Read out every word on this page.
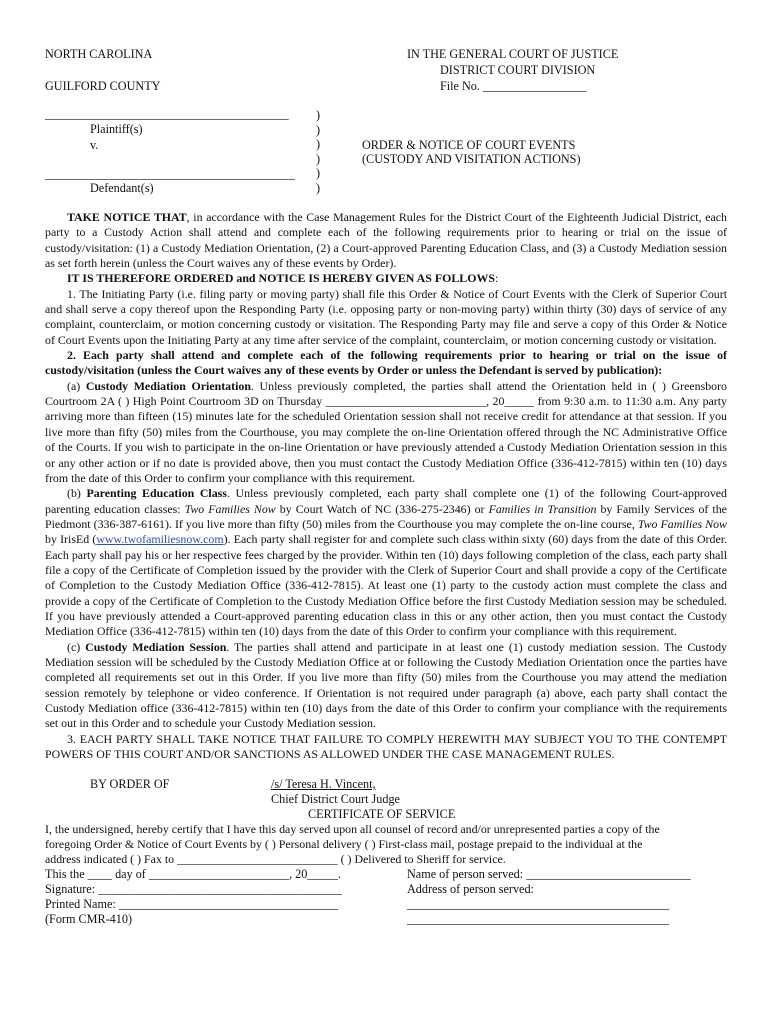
NORTH CAROLINA
GUILFORD COUNTY
IN THE GENERAL COURT OF JUSTICE
DISTRICT COURT DIVISION
File No. _________________
________________________________________
Plaintiff(s)
v.
_________________________________________
Defendant(s)
)
)
)
)
)
)
ORDER & NOTICE OF COURT EVENTS
(CUSTODY AND VISITATION ACTIONS)

TAKE NOTICE THAT, in accordance with the Case Management Rules for the District Court of the Eighteenth Judicial District, each party to a Custody Action shall attend and complete each of the following requirements prior to hearing or trial on the issue of custody/visitation: (1) a Custody Mediation Orientation, (2) a Court-approved Parenting Education Class, and (3) a Custody Mediation session as set forth herein (unless the Court waives any of these events by Order).

IT IS THEREFORE ORDERED and NOTICE IS HEREBY GIVEN AS FOLLOWS:

1. The Initiating Party (i.e. filing party or moving party) shall file this Order & Notice of Court Events with the Clerk of Superior Court and shall serve a copy thereof upon the Responding Party (i.e. opposing party or non-moving party) within thirty (30) days of service of any complaint, counterclaim, or motion concerning custody or visitation. The Responding Party may file and serve a copy of this Order & Notice of Court Events upon the Initiating Party at any time after service of the complaint, counterclaim, or motion concerning custody or visitation.

2. Each party shall attend and complete each of the following requirements prior to hearing or trial on the issue of custody/visitation (unless the Court waives any of these events by Order or unless the Defendant is served by publication):

(a) Custody Mediation Orientation. Unless previously completed, the parties shall attend the Orientation held in ( ) Greensboro Courtroom 2A ( ) High Point Courtroom 3D on Thursday ___________________________, 20_____ from 9:30 a.m. to 11:30 a.m. Any party arriving more than fifteen (15) minutes late for the scheduled Orientation session shall not receive credit for attendance at that session. If you live more than fifty (50) miles from the Courthouse, you may complete the on-line Orientation offered through the NC Administrative Office of the Courts. If you wish to participate in the on-line Orientation or have previously attended a Custody Mediation Orientation session in this or any other action or if no date is provided above, then you must contact the Custody Mediation Office (336-412-7815) within ten (10) days from the date of this Order to confirm your compliance with this requirement.

(b) Parenting Education Class. Unless previously completed, each party shall complete one (1) of the following Court-approved parenting education classes: Two Families Now by Court Watch of NC (336-275-2346) or Families in Transition by Family Services of the Piedmont (336-387-6161). If you live more than fifty (50) miles from the Courthouse you may complete the on-line course, Two Families Now by IrisEd (www.twofamiliesnow.com). Each party shall register for and complete such class within sixty (60) days from the date of this Order. Each party shall pay his or her respective fees charged by the provider. Within ten (10) days following completion of the class, each party shall file a copy of the Certificate of Completion issued by the provider with the Clerk of Superior Court and shall provide a copy of the Certificate of Completion to the Custody Mediation Office (336-412-7815). At least one (1) party to the custody action must complete the class and provide a copy of the Certificate of Completion to the Custody Mediation Office before the first Custody Mediation session may be scheduled. If you have previously attended a Court-approved parenting education class in this or any other action, then you must contact the Custody Mediation Office (336-412-7815) within ten (10) days from the date of this Order to confirm your compliance with this requirement.

(c) Custody Mediation Session. The parties shall attend and participate in at least one (1) custody mediation session. The Custody Mediation session will be scheduled by the Custody Mediation Office at or following the Custody Mediation Orientation once the parties have completed all requirements set out in this Order. If you live more than fifty (50) miles from the Courthouse you may attend the mediation session remotely by telephone or video conference. If Orientation is not required under paragraph (a) above, each party shall contact the Custody Mediation office (336-412-7815) within ten (10) days from the date of this Order to confirm your compliance with the requirements set out in this Order and to schedule your Custody Mediation session.

3. EACH PARTY SHALL TAKE NOTICE THAT FAILURE TO COMPLY HEREWITH MAY SUBJECT YOU TO THE CONTEMPT POWERS OF THIS COURT AND/OR SANCTIONS AS ALLOWED UNDER THE CASE MANAGEMENT RULES.

BY ORDER OF	/s/ Teresa H. Vincent,
Chief District Court Judge
CERTIFICATE OF SERVICE
I, the undersigned, hereby certify that I have this day served upon all counsel of record and/or unrepresented parties a copy of the
foregoing Order & Notice of Court Events by ( ) Personal delivery ( ) First-class mail, postage prepaid to the individual at the
address indicated ( ) Fax to ___________________________ ( ) Delivered to Sheriff for service.
This the ____ day of _______________________, 20_____.
Signature: ________________________________________
Printed Name: ____________________________________
(Form CMR-410)
Name of person served: ___________________________
Address of person served:
___________________________________________
___________________________________________
